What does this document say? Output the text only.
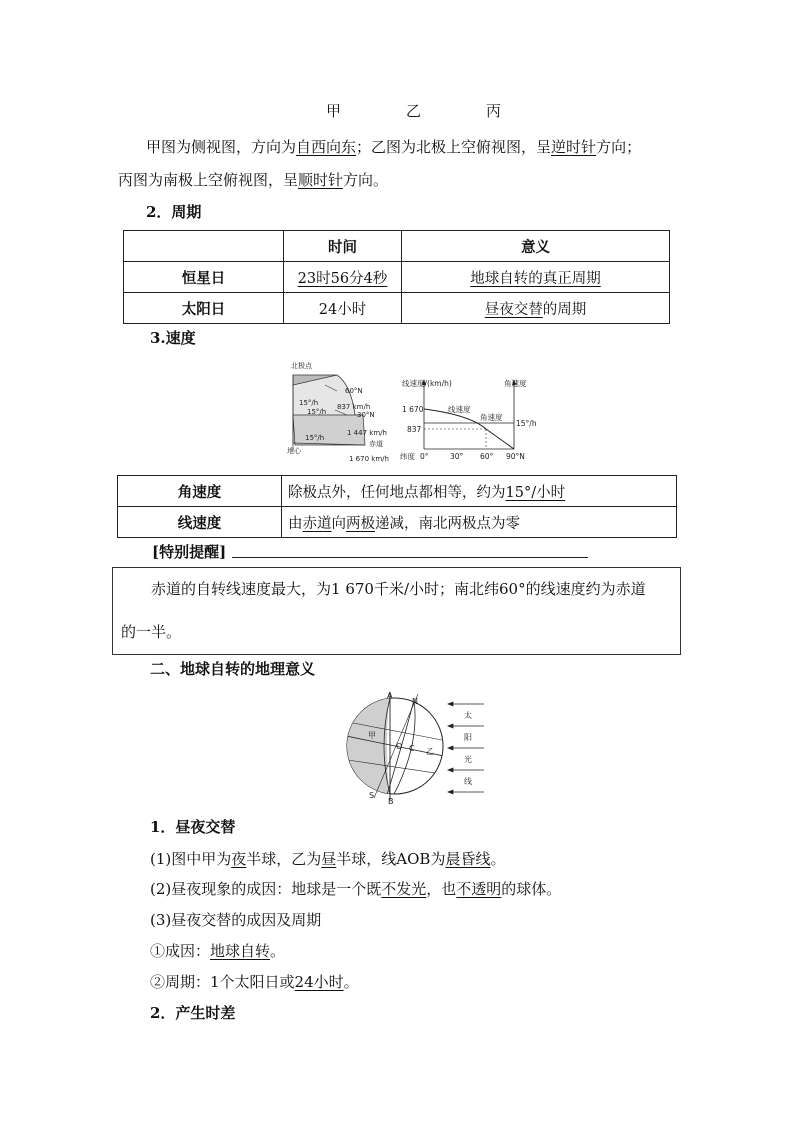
甲	乙	丙
甲图为侧视图，方向为自西向东；乙图为北极上空俯视图，呈逆时针方向；
丙图为南极上空俯视图，呈顺时针方向。
2．周期
	时间	意义
恒星日	23时56分4秒	地球自转的真正周期
太阳日	24小时	昼夜交替的周期
3.速度
北极点
60°N
837 km/h
30°N
15°/h
15°/h
1 447 km/h
15°/h
赤道
地心
1 670 km/h
线速度/(km/h)	角速度
1 670
837
线速度
角速度
15°/h
纬度 0°	30° 60° 90°N
角速度	除极点外，任何地点都相等，约为15°/小时
线速度	由赤道向两极递减，南北两极点为零
[特别提醒]
赤道的自转线速度最大，为1 670千米/小时；南北纬60°的线速度约为赤道
的一半。
二、地球自转的地理意义
A
N
甲
O C 乙
S
B
太
阳
光
线
1．昼夜交替
(1)图中甲为夜半球，乙为昼半球，线AOB为晨昏线。
(2)昼夜现象的成因：地球是一个既不发光，也不透明的球体。
(3)昼夜交替的成因及周期
①成因：地球自转。
②周期：1个太阳日或24小时。
2．产生时差
